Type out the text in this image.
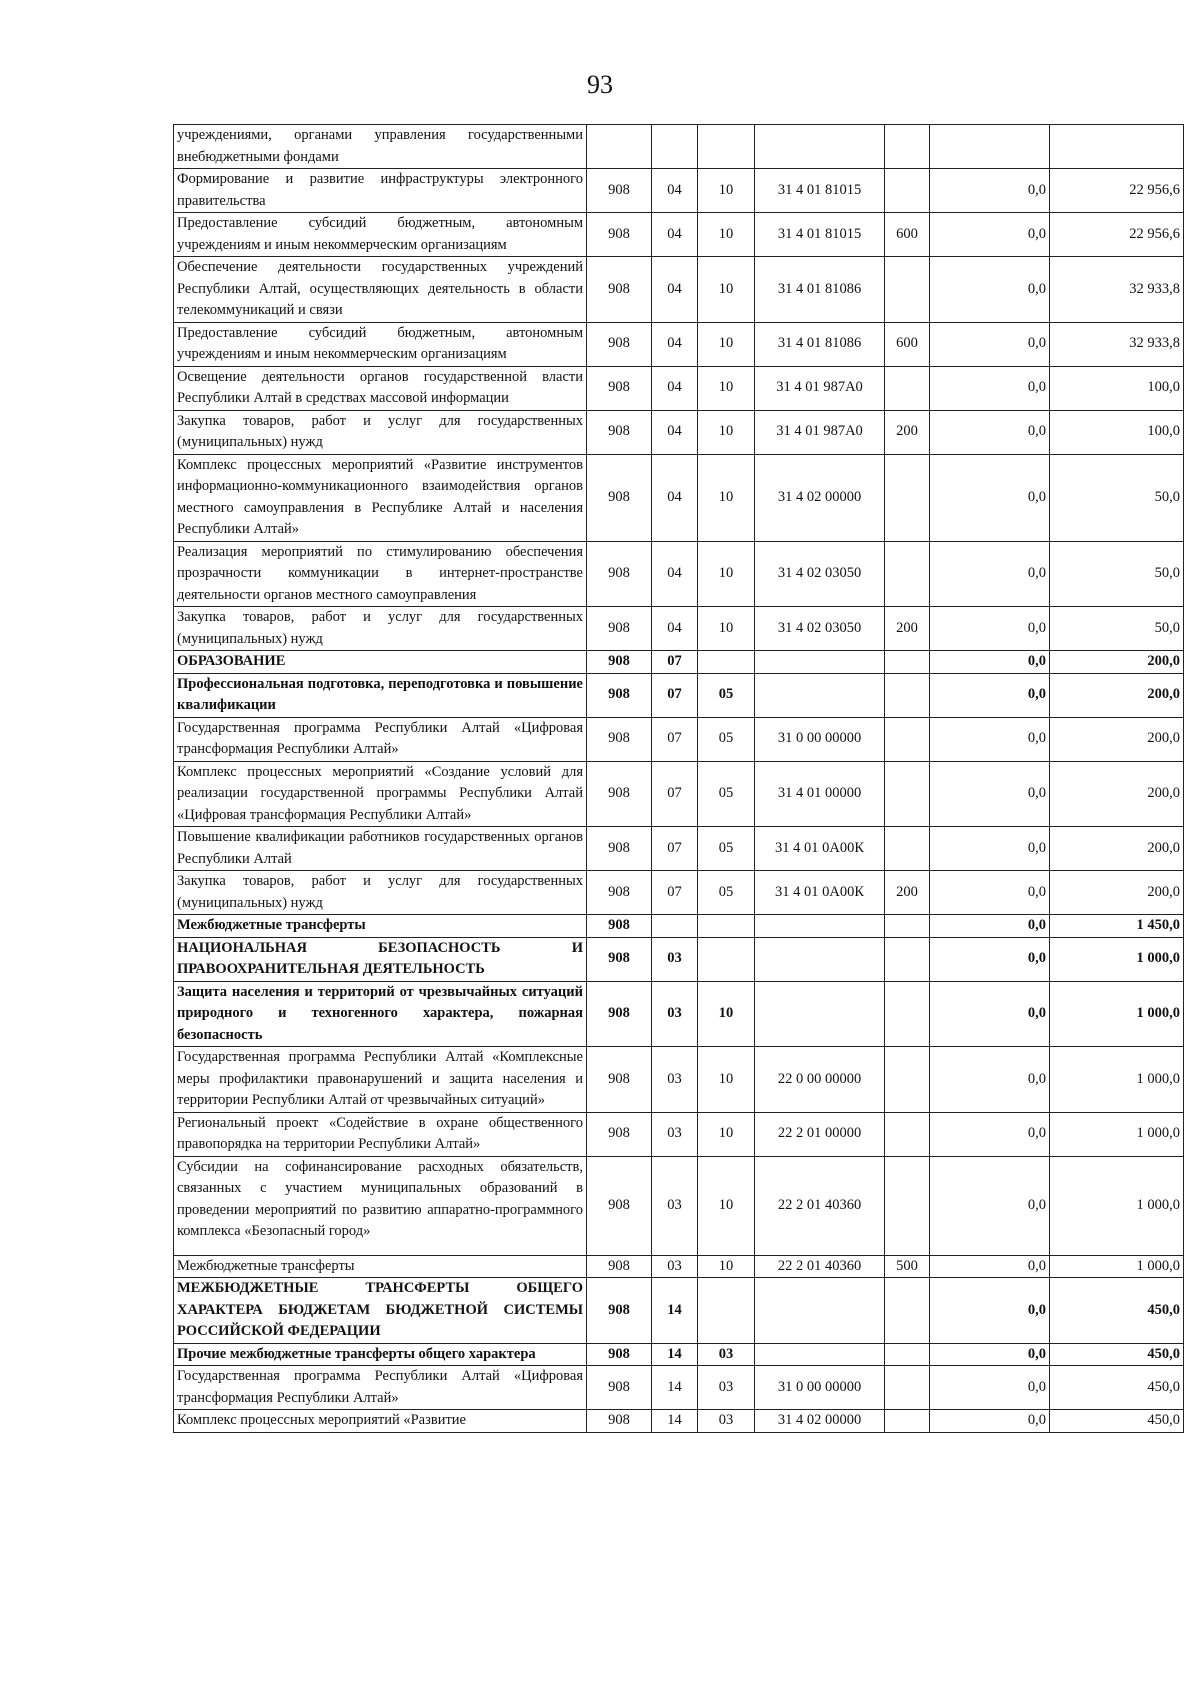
93
учреждениями, органами управления государственными внебюджетными фондами							
Формирование и развитие инфраструктуры электронного правительства	908	04	10	31 4 01 81015		0,0	22 956,6
Предоставление субсидий бюджетным, автономным учреждениям и иным некоммерческим организациям	908	04	10	31 4 01 81015	600	0,0	22 956,6
Обеспечение деятельности государственных учреждений Республики Алтай, осуществляющих деятельность в области телекоммуникаций и связи	908	04	10	31 4 01 81086		0,0	32 933,8
Предоставление субсидий бюджетным, автономным учреждениям и иным некоммерческим организациям	908	04	10	31 4 01 81086	600	0,0	32 933,8
Освещение деятельности органов государственной власти Республики Алтай в средствах массовой информации	908	04	10	31 4 01 987А0		0,0	100,0
Закупка товаров, работ и услуг для государственных (муниципальных) нужд	908	04	10	31 4 01 987А0	200	0,0	100,0
Комплекс процессных мероприятий «Развитие инструментов информационно-коммуникационного взаимодействия органов местного самоуправления в Республике Алтай и населения Республики Алтай»	908	04	10	31 4 02 00000		0,0	50,0
Реализация мероприятий по стимулированию обеспечения прозрачности коммуникации в интернет-пространстве деятельности органов местного самоуправления	908	04	10	31 4 02 03050		0,0	50,0
Закупка товаров, работ и услуг для государственных (муниципальных) нужд	908	04	10	31 4 02 03050	200	0,0	50,0
ОБРАЗОВАНИЕ	908	07				0,0	200,0
Профессиональная подготовка, переподготовка и повышение квалификации	908	07	05			0,0	200,0
Государственная программа Республики Алтай «Цифровая трансформация Республики Алтай»	908	07	05	31 0 00 00000		0,0	200,0
Комплекс процессных мероприятий «Создание условий для реализации государственной программы Республики Алтай «Цифровая трансформация Республики Алтай»	908	07	05	31 4 01 00000		0,0	200,0
Повышение квалификации работников государственных органов Республики Алтай	908	07	05	31 4 01 0А00К		0,0	200,0
Закупка товаров, работ и услуг для государственных (муниципальных) нужд	908	07	05	31 4 01 0А00К	200	0,0	200,0
Межбюджетные трансферты	908					0,0	1 450,0
НАЦИОНАЛЬНАЯ БЕЗОПАСНОСТЬ И ПРАВООХРАНИТЕЛЬНАЯ ДЕЯТЕЛЬНОСТЬ	908	03				0,0	1 000,0
Защита населения и территорий от чрезвычайных ситуаций природного и техногенного характера, пожарная безопасность	908	03	10			0,0	1 000,0
Государственная программа Республики Алтай «Комплексные меры профилактики правонарушений и защита населения и территории Республики Алтай от чрезвычайных ситуаций»	908	03	10	22 0 00 00000		0,0	1 000,0
Региональный проект «Содействие в охране общественного правопорядка на территории Республики Алтай»	908	03	10	22 2 01 00000		0,0	1 000,0
Субсидии на софинансирование расходных обязательств, связанных с участием муниципальных образований в проведении мероприятий по развитию аппаратно-программного комплекса «Безопасный город»	908	03	10	22 2 01 40360		0,0	1 000,0
Межбюджетные трансферты	908	03	10	22 2 01 40360	500	0,0	1 000,0
МЕЖБЮДЖЕТНЫЕ ТРАНСФЕРТЫ ОБЩЕГО ХАРАКТЕРА БЮДЖЕТАМ БЮДЖЕТНОЙ СИСТЕМЫ РОССИЙСКОЙ ФЕДЕРАЦИИ	908	14				0,0	450,0
Прочие межбюджетные трансферты общего характера	908	14	03			0,0	450,0
Государственная программа Республики Алтай «Цифровая трансформация Республики Алтай»	908	14	03	31 0 00 00000		0,0	450,0
Комплекс процессных мероприятий «Развитие	908	14	03	31 4 02 00000		0,0	450,0
